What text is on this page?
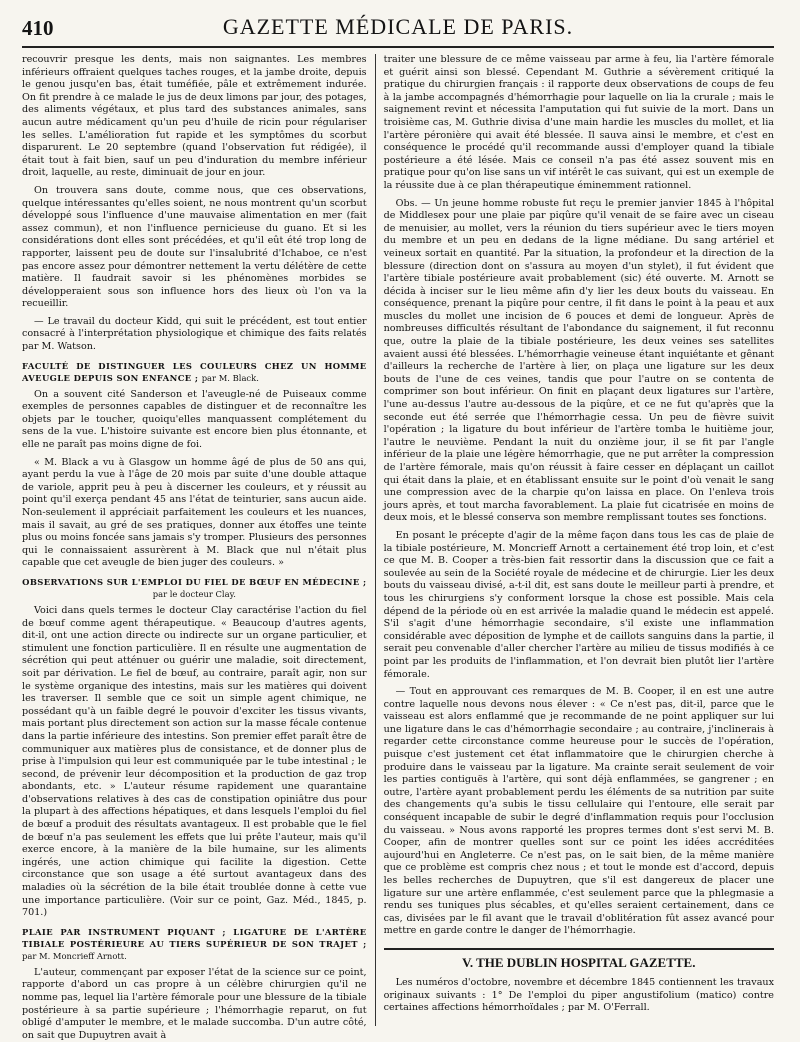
410	GAZETTE MÉDICALE DE PARIS.

recouvrir presque les dents, mais non saignantes. Les membres inférieurs offraient quelques taches rouges, et la jambe droite, depuis le genou jusqu'en bas, était tuméfiée, pâle et extrêmement indurée. On fit prendre à ce malade le jus de deux limons par jour, des potages, des aliments végétaux, et plus tard des substances animales, sans aucun autre médicament qu'un peu d'huile de ricin pour régulariser les selles. L'amélioration fut rapide et les symptômes du scorbut disparurent. Le 20 septembre (quand l'observation fut rédigée), il était tout à fait bien, sauf un peu d'induration du membre inférieur droit, laquelle, au reste, diminuait de jour en jour.

On trouvera sans doute, comme nous, que ces observations, quelque intéressantes qu'elles soient, ne nous montrent qu'un scorbut développé sous l'influence d'une mauvaise alimentation en mer (fait assez commun), et non l'influence pernicieuse du guano. Et si les considérations dont elles sont précédées, et qu'il eût été trop long de rapporter, laissent peu de doute sur l'insalubrité d'Ichaboe, ce n'est pas encore assez pour démontrer nettement la vertu délétère de cette matière. Il faudrait savoir si les phénomènes morbides se développeraient sous son influence hors des lieux où l'on va la recueillir.

— Le travail du docteur Kidd, qui suit le précédent, est tout entier consacré à l'interprétation physiologique et chimique des faits relatés par M. Watson.

FACULTÉ DE DISTINGUER LES COULEURS CHEZ UN HOMME AVEUGLE DEPUIS SON ENFANCE ; par M. Black.

On a souvent cité Sanderson et l'aveugle-né de Puiseaux comme exemples de personnes capables de distinguer et de reconnaître les objets par le toucher, quoiqu'elles manquassent complétement du sens de la vue. L'histoire suivante est encore bien plus étonnante, et elle ne paraît pas moins digne de foi.

« M. Black a vu à Glasgow un homme âgé de plus de 50 ans qui, ayant perdu la vue à l'âge de 20 mois par suite d'une double attaque de variole, apprit peu à peu à discerner les couleurs, et y réussit au point qu'il exerça pendant 45 ans l'état de teinturier, sans aucun aide. Non-seulement il appréciait parfaitement les couleurs et les nuances, mais il savait, au gré de ses pratiques, donner aux étoffes une teinte plus ou moins foncée sans jamais s'y tromper. Plusieurs des personnes qui le connaissaient assurèrent à M. Black que nul n'était plus capable que cet aveugle de bien juger des couleurs. »

OBSERVATIONS SUR L'EMPLOI DU FIEL DE BŒUF EN MÉDECINE ;
par le docteur Clay.

Voici dans quels termes le docteur Clay caractérise l'action du fiel de bœuf comme agent thérapeutique. « Beaucoup d'autres agents, dit-il, ont une action directe ou indirecte sur un organe particulier, et stimulent une fonction particulière. Il en résulte une augmentation de sécrétion qui peut atténuer ou guérir une maladie, soit directement, soit par dérivation. Le fiel de bœuf, au contraire, paraît agir, non sur le système organique des intestins, mais sur les matières qui doivent les traverser. Il semble que ce soit un simple agent chimique, ne possédant qu'à un faible degré le pouvoir d'exciter les tissus vivants, mais portant plus directement son action sur la masse fécale contenue dans la partie inférieure des intestins. Son premier effet paraît être de communiquer aux matières plus de consistance, et de donner plus de prise à l'impulsion qui leur est communiquée par le tube intestinal ; le second, de prévenir leur décomposition et la production de gaz trop abondants, etc. » L'auteur résume rapidement une quarantaine d'observations relatives à des cas de constipation opiniâtre dus pour la plupart à des affections hépatiques, et dans lesquels l'emploi du fiel de bœuf a produit des résultats avantageux. Il est probable que le fiel de bœuf n'a pas seulement les effets que lui prête l'auteur, mais qu'il exerce encore, à la manière de la bile humaine, sur les aliments ingérés, une action chimique qui facilite la digestion. Cette circonstance que son usage a été surtout avantageux dans des maladies où la sécrétion de la bile était troublée donne à cette vue une importance particulière. (Voir sur ce point, Gaz. Méd., 1845, p. 701.)

PLAIE PAR INSTRUMENT PIQUANT ; LIGATURE DE L'ARTÈRE TIBIALE POSTÉRIEURE AU TIERS SUPÉRIEUR DE SON TRAJET ; par M. Moncrieff Arnott.

L'auteur, commençant par exposer l'état de la science sur ce point, rapporte d'abord un cas propre à un célèbre chirurgien qu'il ne nomme pas, lequel lia l'artère fémorale pour une blessure de la tibiale postérieure à sa partie supérieure ; l'hémorrhagie reparut, on fut obligé d'amputer le membre, et le malade succomba. D'un autre côté, on sait que Dupuytren avait à

traiter une blessure de ce même vaisseau par arme à feu, lia l'artère fémorale et guérit ainsi son blessé. Cependant M. Guthrie a sévèrement critiqué la pratique du chirurgien français : il rapporte deux observations de coups de feu à la jambe accompagnés d'hémorrhagie pour laquelle on lia la crurale ; mais le saignement revint et nécessita l'amputation qui fut suivie de la mort. Dans un troisième cas, M. Guthrie divisa d'une main hardie les muscles du mollet, et lia l'artère péronière qui avait été blessée. Il sauva ainsi le membre, et c'est en conséquence le procédé qu'il recommande aussi d'employer quand la tibiale postérieure a été lésée. Mais ce conseil n'a pas été assez souvent mis en pratique pour qu'on lise sans un vif intérêt le cas suivant, qui est un exemple de la réussite due à ce plan thérapeutique éminemment rationnel.

Obs. — Un jeune homme robuste fut reçu le premier janvier 1845 à l'hôpital de Middlesex pour une plaie par piqûre qu'il venait de se faire avec un ciseau de menuisier, au mollet, vers la réunion du tiers supérieur avec le tiers moyen du membre et un peu en dedans de la ligne médiane. Du sang artériel et veineux sortait en quantité. Par la situation, la profondeur et la direction de la blessure (direction dont on s'assura au moyen d'un stylet), il fut évident que l'artère tibiale postérieure avait probablement (sic) été ouverte. M. Arnott se décida à inciser sur le lieu même afin d'y lier les deux bouts du vaisseau. En conséquence, prenant la piqûre pour centre, il fit dans le point à la peau et aux muscles du mollet une incision de 6 pouces et demi de longueur. Après de nombreuses difficultés résultant de l'abondance du saignement, il fut reconnu que, outre la plaie de la tibiale postérieure, les deux veines ses satellites avaient aussi été blessées. L'hémorrhagie veineuse étant inquiétante et gênant d'ailleurs la recherche de l'artère à lier, on plaça une ligature sur les deux bouts de l'une de ces veines, tandis que pour l'autre on se contenta de comprimer son bout inférieur. On finit en plaçant deux ligatures sur l'artère, l'une au-dessus l'autre au-dessous de la piqûre, et ce ne fut qu'après que la seconde eut été serrée que l'hémorrhagie cessa. Un peu de fièvre suivit l'opération ; la ligature du bout inférieur de l'artère tomba le huitième jour, l'autre le neuvième. Pendant la nuit du onzième jour, il se fit par l'angle inférieur de la plaie une légère hémorrhagie, que ne put arrêter la compression de l'artère fémorale, mais qu'on réussit à faire cesser en déplaçant un caillot qui était dans la plaie, et en établissant ensuite sur le point d'où venait le sang une compression avec de la charpie qu'on laissa en place. On l'enleva trois jours après, et tout marcha favorablement. La plaie fut cicatrisée en moins de deux mois, et le blessé conserva son membre remplissant toutes ses fonctions.

En posant le précepte d'agir de la même façon dans tous les cas de plaie de la tibiale postérieure, M. Moncrieff Arnott a certainement été trop loin, et c'est ce que M. B. Cooper a très-bien fait ressortir dans la discussion que ce fait a soulevée au sein de la Société royale de médecine et de chirurgie. Lier les deux bouts du vaisseau divisé, a-t-il dit, est sans doute le meilleur parti à prendre, et tous les chirurgiens s'y conforment lorsque la chose est possible. Mais cela dépend de la période où en est arrivée la maladie quand le médecin est appelé. S'il s'agit d'une hémorrhagie secondaire, s'il existe une inflammation considérable avec déposition de lymphe et de caillots sanguins dans la partie, il serait peu convenable d'aller chercher l'artère au milieu de tissus modifiés à ce point par les produits de l'inflammation, et l'on devrait bien plutôt lier l'artère fémorale.

— Tout en approuvant ces remarques de M. B. Cooper, il en est une autre contre laquelle nous devons nous élever : « Ce n'est pas, dit-il, parce que le vaisseau est alors enflammé que je recommande de ne point appliquer sur lui une ligature dans le cas d'hémorrhagie secondaire ; au contraire, j'inclinerais à regarder cette circonstance comme heureuse pour le succès de l'opération, puisque c'est justement cet état inflammatoire que le chirurgien cherche à produire dans le vaisseau par la ligature. Ma crainte serait seulement de voir les parties contiguës à l'artère, qui sont déjà enflammées, se gangrener ; en outre, l'artère ayant probablement perdu les éléments de sa nutrition par suite des changements qu'a subis le tissu cellulaire qui l'entoure, elle serait par conséquent incapable de subir le degré d'inflammation requis pour l'occlusion du vaisseau. » Nous avons rapporté les propres termes dont s'est servi M. B. Cooper, afin de montrer quelles sont sur ce point les idées accréditées aujourd'hui en Angleterre. Ce n'est pas, on le sait bien, de la même manière que ce problème est compris chez nous ; et tout le monde est d'accord, depuis les belles recherches de Dupuytren, que s'il est dangereux de placer une ligature sur une artère enflammée, c'est seulement parce que la phlegmasie a rendu ses tuniques plus sécables, et qu'elles seraient certainement, dans ce cas, divisées par le fil avant que le travail d'oblitération fût assez avancé pour mettre en garde contre le danger de l'hémorrhagie.

V. THE DUBLIN HOSPITAL GAZETTE.

Les numéros d'octobre, novembre et décembre 1845 contiennent les travaux originaux suivants : 1° De l'emploi du piper angustifolium (matico) contre certaines affections hémorrhoïdales ; par M. O'Ferrall.
